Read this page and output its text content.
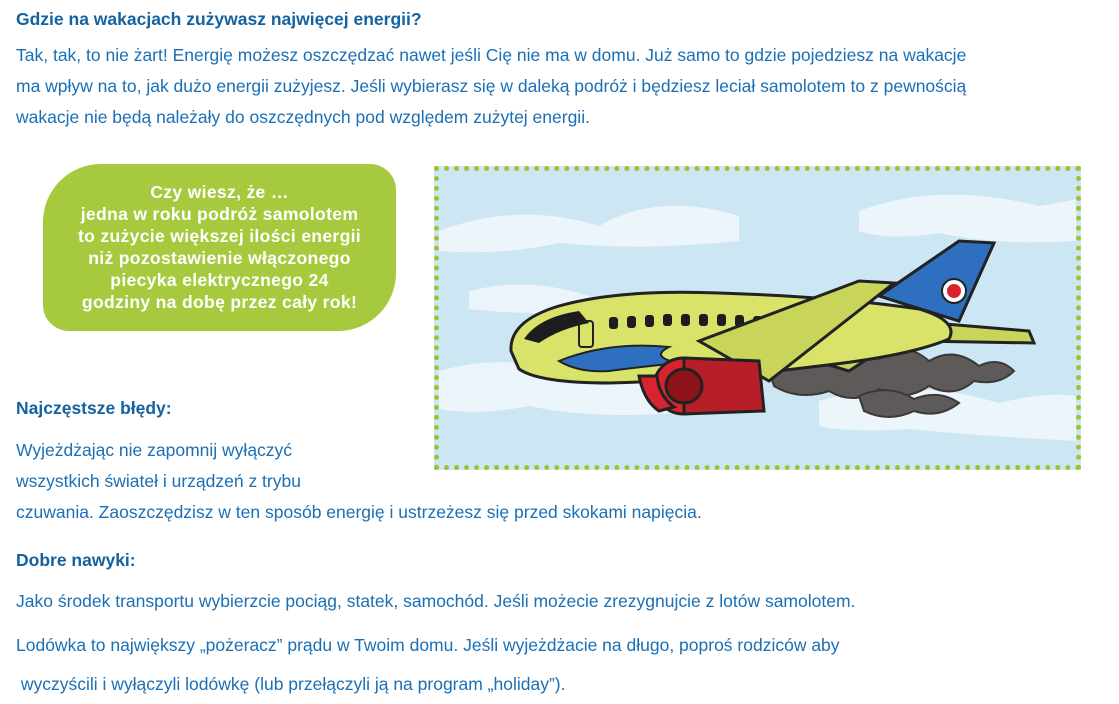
Gdzie na wakacjach zużywasz najwięcej energii?
Tak, tak, to nie żart! Energię możesz oszczędzać nawet jeśli Cię nie ma w domu. Już samo to gdzie pojedziesz na wakacje
ma wpływ na to, jak dużo energii zużyjesz. Jeśli wybierasz się w daleką podróż i będziesz leciał samolotem to z pewnością
wakacje nie będą należały do oszczędnych pod względem zużytej energii.
Czy wiesz, że …
jedna w roku podróż samolotem
to zużycie większej ilości energii
niż pozostawienie włączonego
piecyka elektrycznego 24
godziny na dobę przez cały rok!
Najczęstsze błędy:
Wyjeżdżając nie zapomnij wyłączyć
wszystkich świateł i urządzeń z trybu
czuwania. Zaoszczędzisz w ten sposób energię i ustrzeżesz się przed skokami napięcia.
Dobre nawyki:
Jako środek transportu wybierzcie pociąg, statek, samochód. Jeśli możecie zrezygnujcie z lotów samolotem.
Lodówka to największy „pożeracz” prądu w Twoim domu. Jeśli wyjeżdżacie na długo, poproś rodziców aby
wyczyścili i wyłączyli lodówkę (lub przełączyli ją na program „holiday”).
